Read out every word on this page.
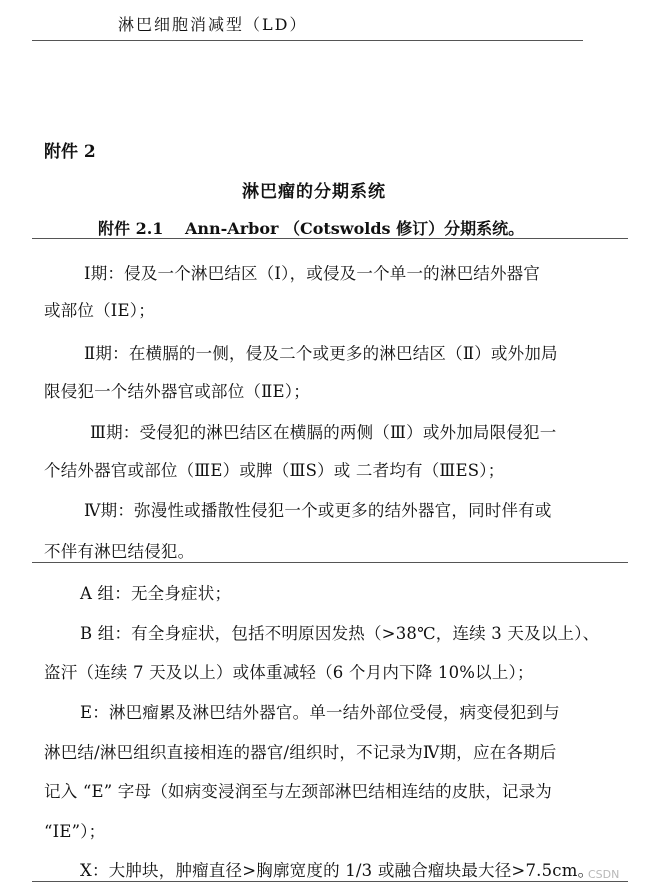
淋巴细胞消减型（LD）
附件 2
淋巴瘤的分期系统
附件 2.1　 Ann-Arbor （Cotswolds 修订）分期系统。
Ⅰ期：侵及一个淋巴结区（Ⅰ），或侵及一个单一的淋巴结外器官
或部位（ⅠE）；
Ⅱ期：在横膈的一侧，侵及二个或更多的淋巴结区（Ⅱ）或外加局
限侵犯一个结外器官或部位（ⅡE）；
Ⅲ期：受侵犯的淋巴结区在横膈的两侧（Ⅲ）或外加局限侵犯一
个结外器官或部位（ⅢE）或脾（ⅢS）或 二者均有（ⅢES）；
Ⅳ期：弥漫性或播散性侵犯一个或更多的结外器官，同时伴有或
不伴有淋巴结侵犯。
A 组：无全身症状；
B 组：有全身症状，包括不明原因发热（>38℃，连续 3 天及以上）、
盗汗（连续 7 天及以上）或体重减轻（6 个月内下降 10%以上）；
E：淋巴瘤累及淋巴结外器官。单一结外部位受侵，病变侵犯到与
淋巴结/淋巴组织直接相连的器官/组织时，不记录为Ⅳ期，应在各期后
记入 “E” 字母（如病变浸润至与左颈部淋巴结相连结的皮肤，记录为
“IE”）；
X：大肿块，肿瘤直径>胸廓宽度的 1/3 或融合瘤块最大径>7.5cm。
CSDN
